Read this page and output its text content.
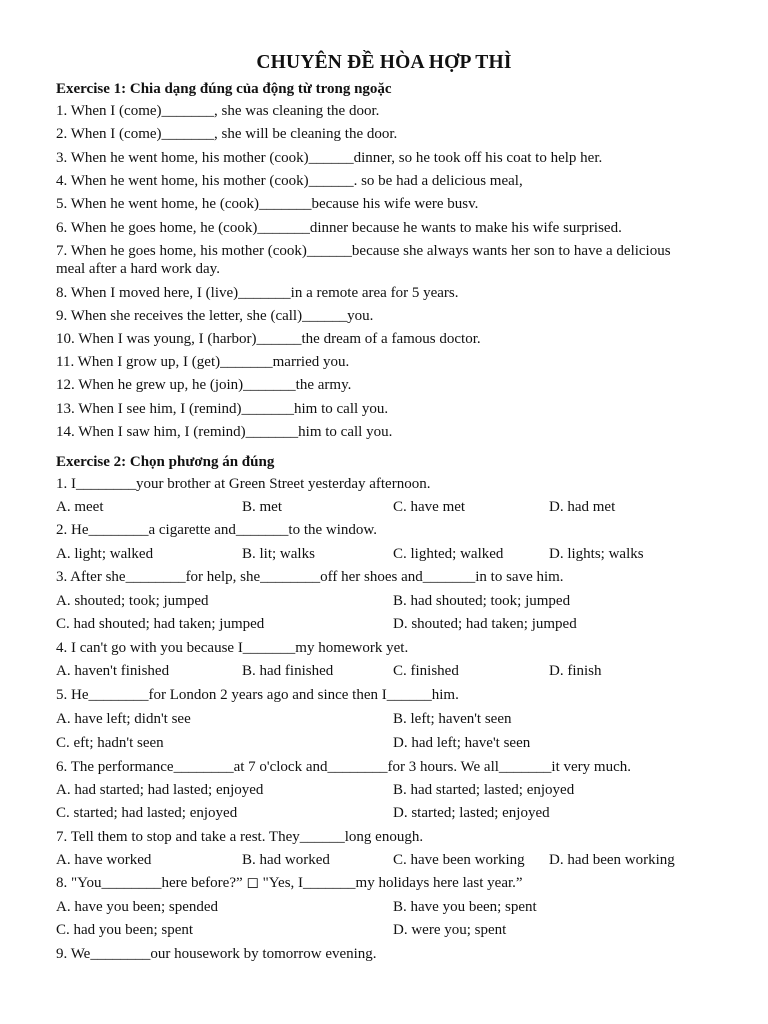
CHUYÊN ĐỀ HÒA HỢP THÌ
Exercise 1: Chia dạng đúng của động từ trong ngoặc
1. When I (come)_______, she was cleaning the door.
2. When I (come)_______, she will be cleaning the door.
3. When he went home, his mother (cook)______dinner, so he took off his coat to help her.
4. When he went home, his mother (cook)______. so be had a delicious meal,
5. When he went home, he (cook)_______because his wife were busv.
6. When he goes home, he (cook)_______dinner because he wants to make his wife surprised.
7. When he goes home, his mother (cook)______because she always wants her son to have a delicious meal after a hard work day.
8. When I moved here, I (live)_______in a remote area for 5 years.
9. When she receives the letter, she (call)______you.
10. When I was young, I (harbor)______the dream of a famous doctor.
11. When I grow up, I (get)_______married you.
12. When he grew up, he (join)_______the army.
13. When I see him, I (remind)_______him to call you.
14. When I saw him, I (remind)_______him to call you.
Exercise 2: Chọn phương án đúng
1. I________your brother at Green Street yesterday afternoon.
A. meet	B. met	C. have met	D. had met
2. He________a cigarette and_______to the window.
A. light; walked	B. lit; walks	C. lighted; walked	D. lights; walks
3. After she________for help, she________off her shoes and_______in to save him.
A. shouted; took; jumped	B. had shouted; took; jumped
C. had shouted; had taken; jumped	D. shouted; had taken; jumped
4. I can't go with you because I_______my homework yet.
A. haven't finished	B. had finished	C. finished	D. finish
5. He________for London 2 years ago and since then I______him.
A. have left; didn't see	B. left; haven't seen
C. eft; hadn't seen	D. had left; have't seen
6. The performance________at 7 o'clock and________for 3 hours. We all_______it very much.
A. had started; had lasted; enjoyed	B. had started; lasted; enjoyed
C. started; had lasted; enjoyed	D. started; lasted; enjoyed
7. Tell them to stop and take a rest. They______long enough.
A. have worked	B. had worked	C. have been working D. had been working
8. "You________here before?” ◻ "Yes, I_______my holidays here last year.”
A. have you been; spended	B. have you been; spent
C. had you been; spent	D. were you; spent
9. We________our housework by tomorrow evening.
